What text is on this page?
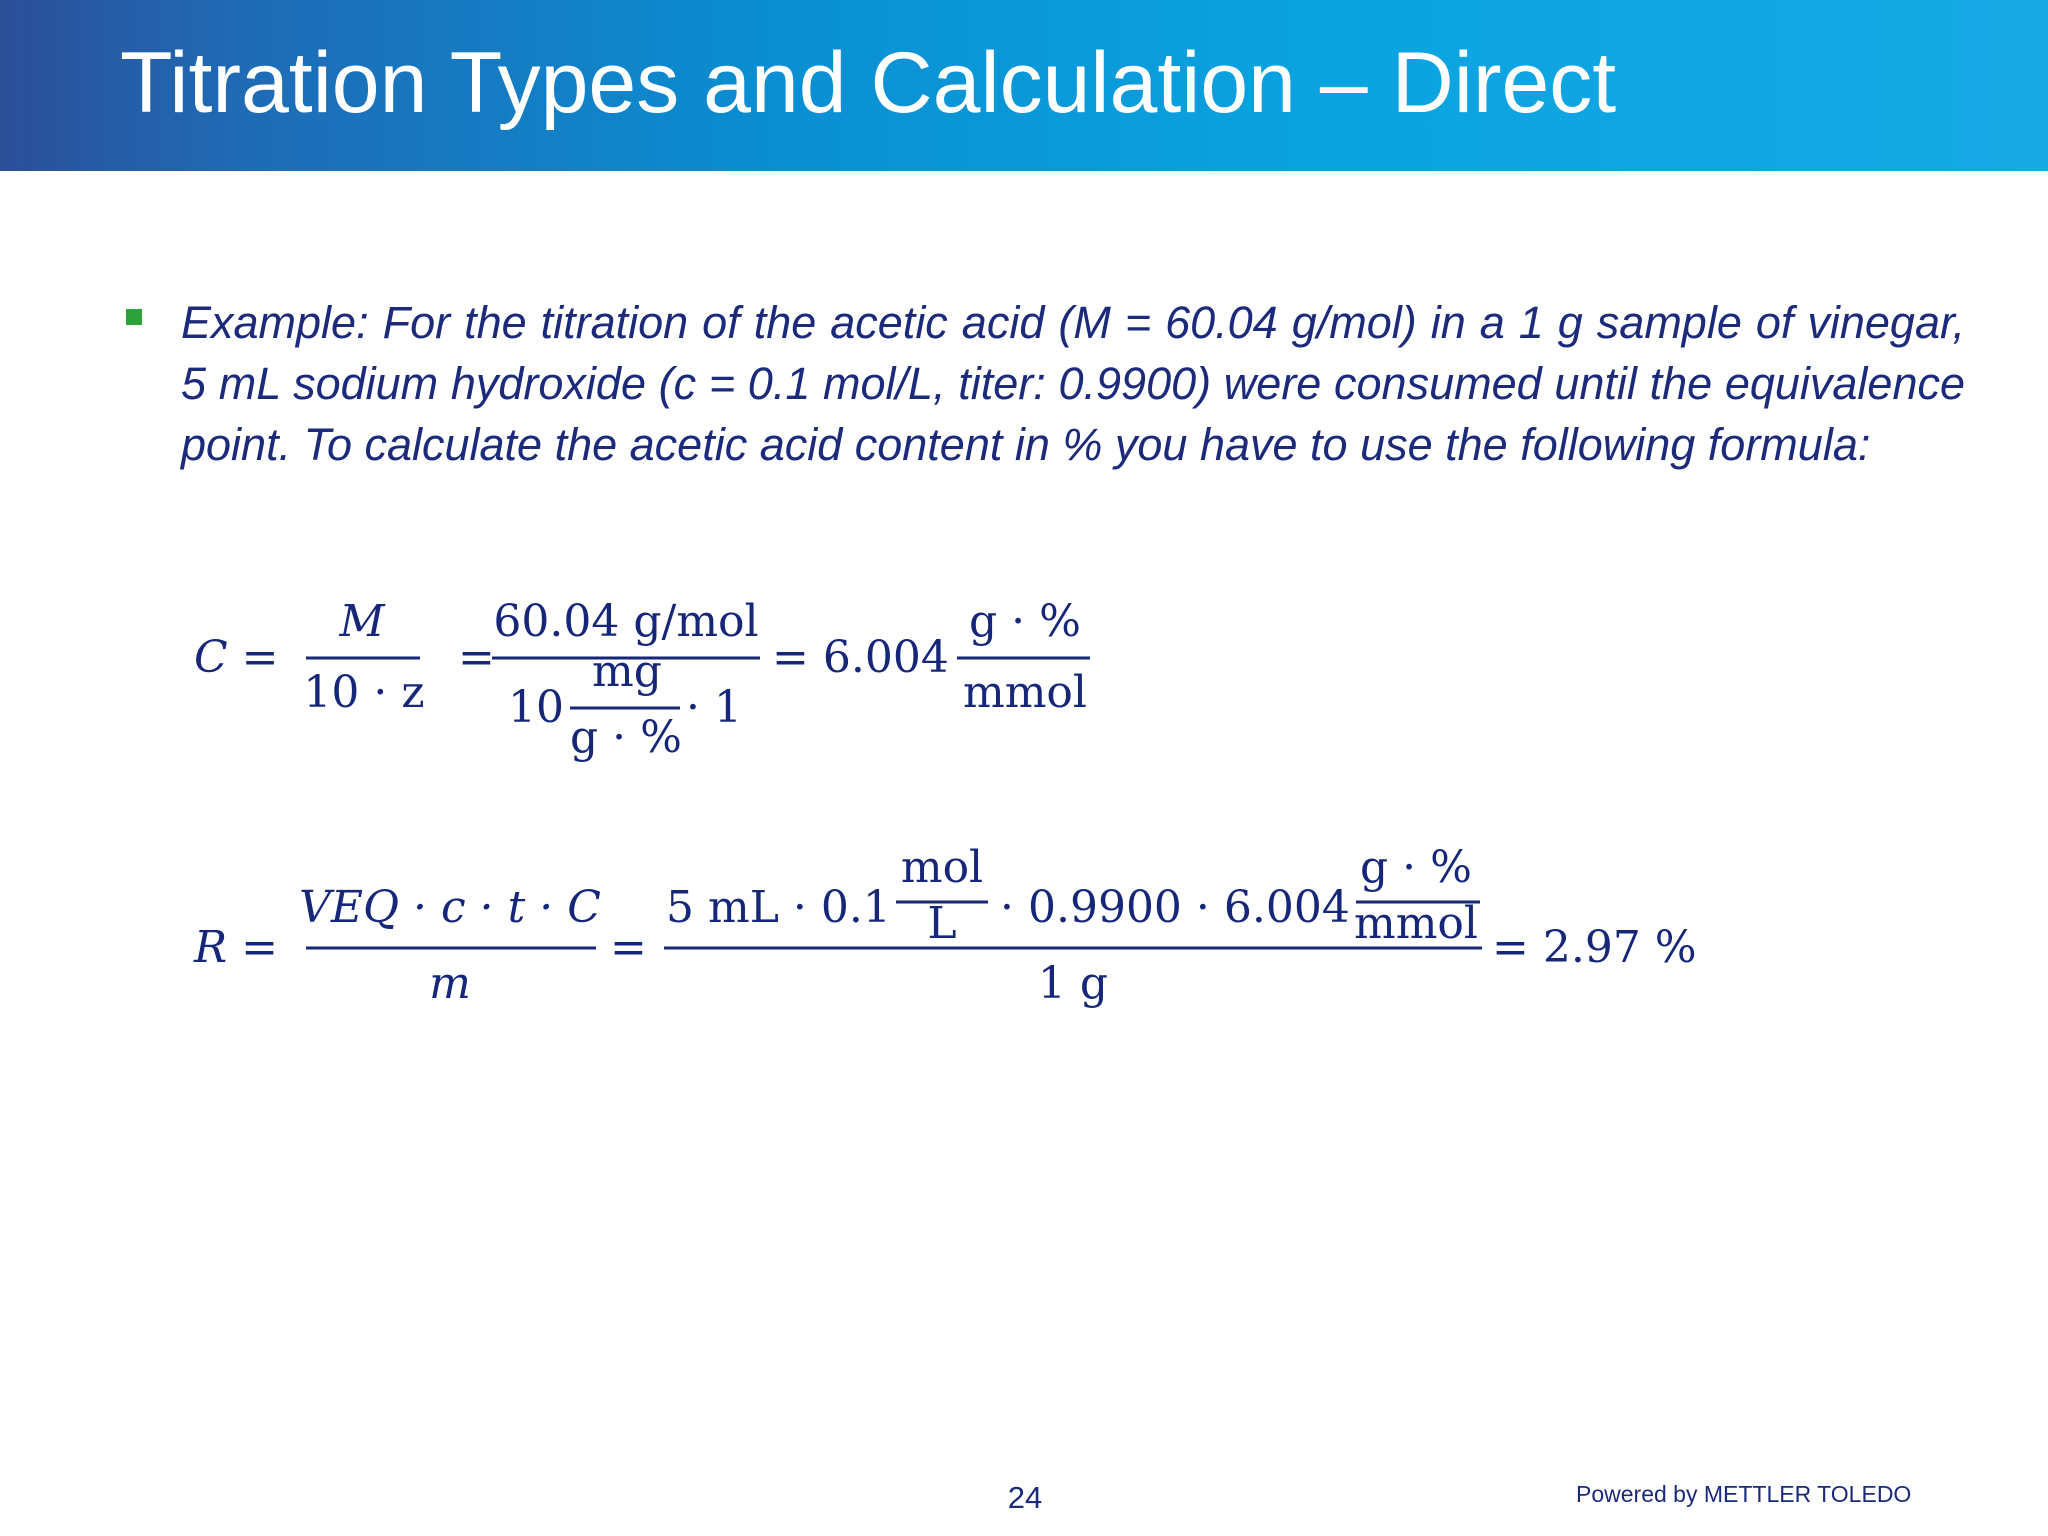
Titration Types and Calculation – Direct

Example: For the titration of the acetic acid (M = 60.04 g/mol) in a 1 g sample of vinegar, 5 mL sodium hydroxide (c = 0.1 mol/L, titer: 0.9900) were consumed until the equivalence point. To calculate the acetic acid content in % you have to use the following formula:

C =
M
10 · z
=
60.04 g/mol
10
mg
g · %
· 1
= 6.004
g · %
mmol
R =
VEQ · c · t · C
m
=
5 mL · 0.1
mol
L · 0.9900 · 6.004
g · %
mmol
1 g
= 2.97 %
24	Powered by METTLER TOLEDO
